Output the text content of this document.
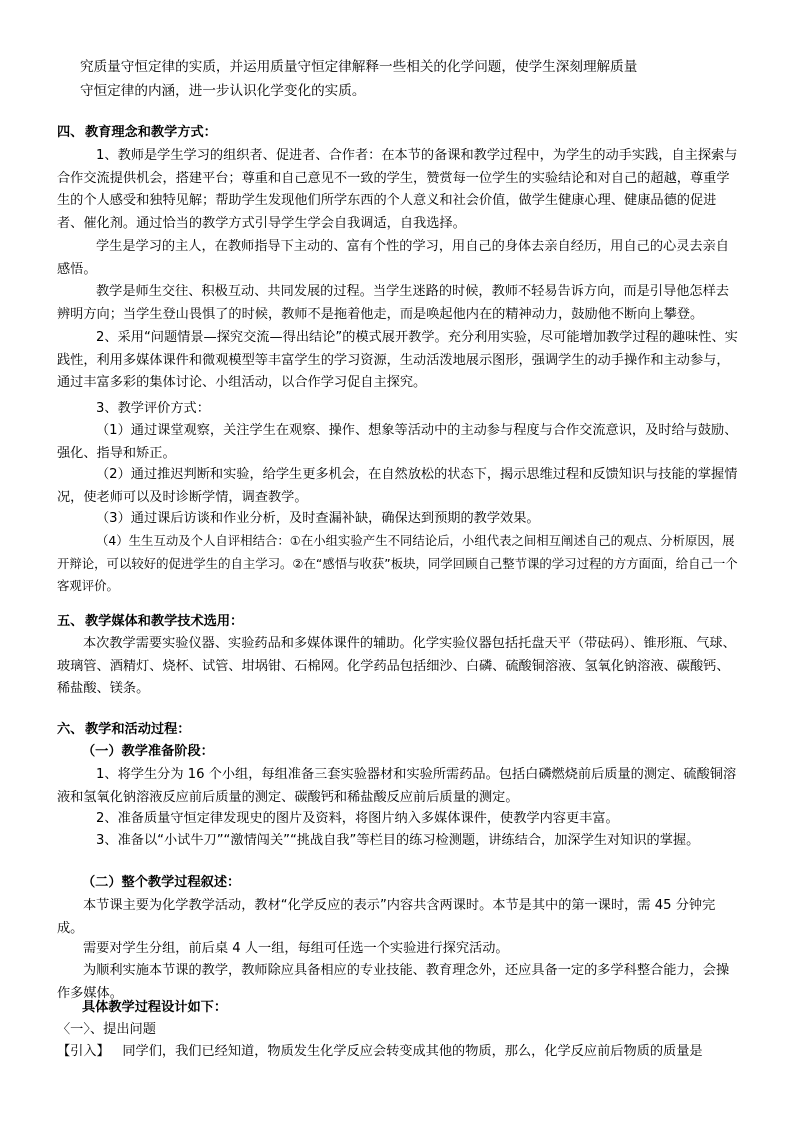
究质量守恒定律的实质，并运用质量守恒定律解释一些相关的化学问题，使学生深刻理解质量

守恒定律的内涵，进一步认识化学变化的实质。

四、 教育理念和教学方式：

1、教师是学生学习的组织者、促进者、合作者：在本节的备课和教学过程中，为学生的动手实践，自主探索与合作交流提供机会，搭建平台；尊重和自己意见不一致的学生，赞赏每一位学生的实验结论和对自己的超越，尊重学生的个人感受和独特见解；帮助学生发现他们所学东西的个人意义和社会价值，做学生健康心理、健康品德的促进者、催化剂。通过恰当的教学方式引导学生学会自我调适，自我选择。

学生是学习的主人，在教师指导下主动的、富有个性的学习，用自己的身体去亲自经历，用自己的心灵去亲自感悟。

教学是师生交往、积极互动、共同发展的过程。当学生迷路的时候，教师不轻易告诉方向，而是引导他怎样去辨明方向；当学生登山畏惧了的时候，教师不是拖着他走，而是唤起他内在的精神动力，鼓励他不断向上攀登。

2、采用“问题情景—探究交流—得出结论”的模式展开教学。充分利用实验，尽可能增加教学过程的趣味性、实践性，利用多媒体课件和微观模型等丰富学生的学习资源，生动活泼地展示图形，强调学生的动手操作和主动参与，通过丰富多彩的集体讨论、小组活动，以合作学习促自主探究。

3、教学评价方式：

（1）通过课堂观察，关注学生在观察、操作、想象等活动中的主动参与程度与合作交流意识，及时给与鼓励、强化、指导和矫正。

（2）通过推迟判断和实验，给学生更多机会，在自然放松的状态下，揭示思维过程和反馈知识与技能的掌握情况，使老师可以及时诊断学情，调查教学。

（3）通过课后访谈和作业分析，及时查漏补缺，确保达到预期的教学效果。

（4）生生互动及个人自评相结合：①在小组实验产生不同结论后，小组代表之间相互阐述自己的观点、分析原因，展开辩论，可以较好的促进学生的自主学习。②在“感悟与收获”板块，同学回顾自己整节课的学习过程的方方面面，给自己一个客观评价。

五、 教学媒体和教学技术选用：

本次教学需要实验仪器、实验药品和多媒体课件的辅助。化学实验仪器包括托盘天平（带砝码）、锥形瓶、气球、玻璃管、酒精灯、烧杯、试管、坩埚钳、石棉网。化学药品包括细沙、白磷、硫酸铜溶液、氢氧化钠溶液、碳酸钙、稀盐酸、镁条。

六、 教学和活动过程：
（一）教学准备阶段：

1、将学生分为 16 个小组，每组准备三套实验器材和实验所需药品。包括白磷燃烧前后质量的测定、硫酸铜溶液和氢氧化钠溶液反应前后质量的测定、碳酸钙和稀盐酸反应前后质量的测定。

2、准备质量守恒定律发现史的图片及资料，将图片纳入多媒体课件，使教学内容更丰富。

3、准备以“小试牛刀”“激情闯关”“挑战自我”等栏目的练习检测题，讲练结合，加深学生对知识的掌握。

（二）整个教学过程叙述：

本节课主要为化学教学活动，教材“化学反应的表示”内容共含两课时。本节是其中的第一课时，需 45 分钟完成。

需要对学生分组，前后桌 4 人一组，每组可任选一个实验进行探究活动。

为顺利实施本节课的教学，教师除应具备相应的专业技能、教育理念外，还应具备一定的多学科整合能力，会操作多媒体。

具体教学过程设计如下：
〈一〉、提出问题
【引入】 同学们，我们已经知道，物质发生化学反应会转变成其他的物质，那么，化学反应前后物质的质量是
